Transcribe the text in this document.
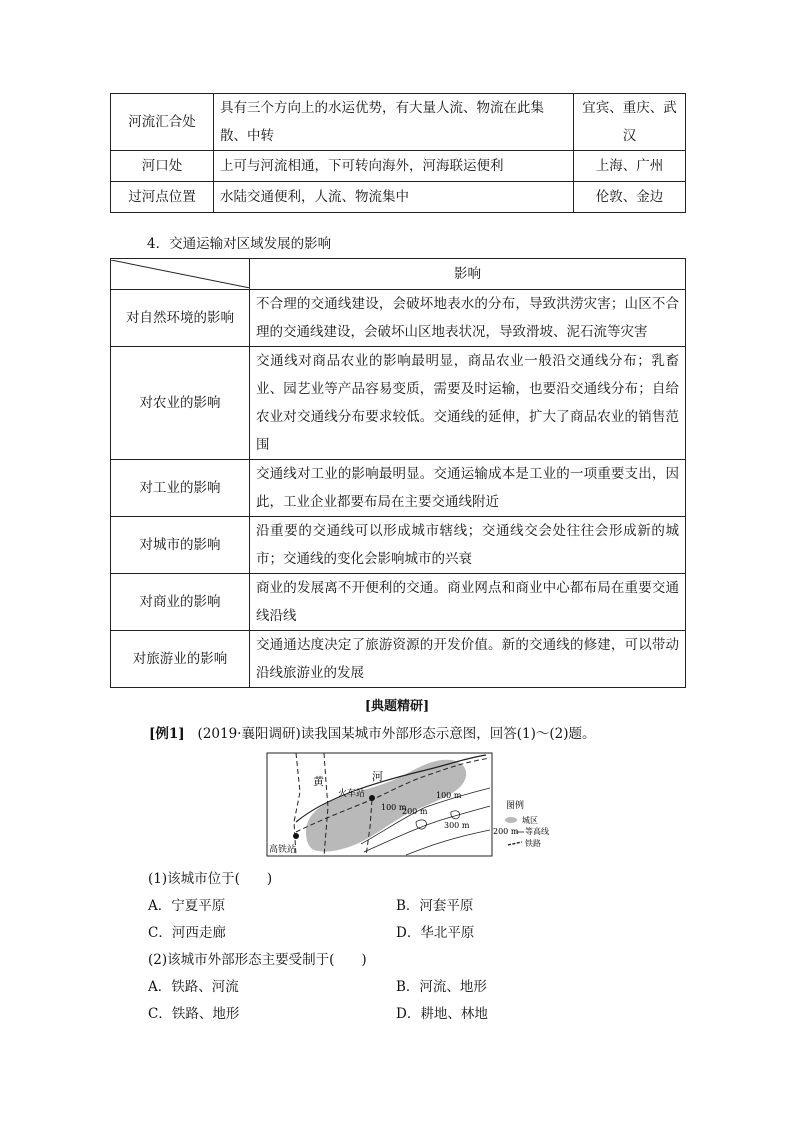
河流汇合处	具有三个方向上的水运优势，有大量人流、物流在此集散、中转	宜宾、重庆、武汉
河口处	上可与河流相通，下可转向海外，河海联运便利	上海、广州
过河点位置	水陆交通便利，人流、物流集中	伦敦、金边
4．交通运输对区域发展的影响
	影响
对自然环境的影响	不合理的交通线建设，会破坏地表水的分布，导致洪涝灾害；山区不合理的交通线建设，会破坏山区地表状况，导致滑坡、泥石流等灾害
对农业的影响	交通线对商品农业的影响最明显，商品农业一般沿交通线分布；乳畜业、园艺业等产品容易变质，需要及时运输，也要沿交通线分布；自给农业对交通线分布要求较低。交通线的延伸，扩大了商品农业的销售范围
对工业的影响	交通线对工业的影响最明显。交通运输成本是工业的一项重要支出，因此，工业企业都要布局在主要交通线附近
对城市的影响	沿重要的交通线可以形成城市辖线；交通线交会处往往会形成新的城市；交通线的变化会影响城市的兴衰
对商业的影响	商业的发展离不开便利的交通。商业网点和商业中心都布局在重要交通线沿线
对旅游业的影响	交通通达度决定了旅游资源的开发价值。新的交通线的修建，可以带动沿线旅游业的发展
[典题精研]
[例1] (2019·襄阳调研)读我国某城市外部形态示意图，回答(1)～(2)题。
黄	河
火车站
高铁站
100 m
100 m
200 m
300 m
图例
城区
200 m 等高线
铁路
(1)该城市位于(　　)
A．宁夏平原	B．河套平原
C．河西走廊	D．华北平原
(2)该城市外部形态主要受制于(　　)
A．铁路、河流	B．河流、地形
C．铁路、地形	D．耕地、林地
